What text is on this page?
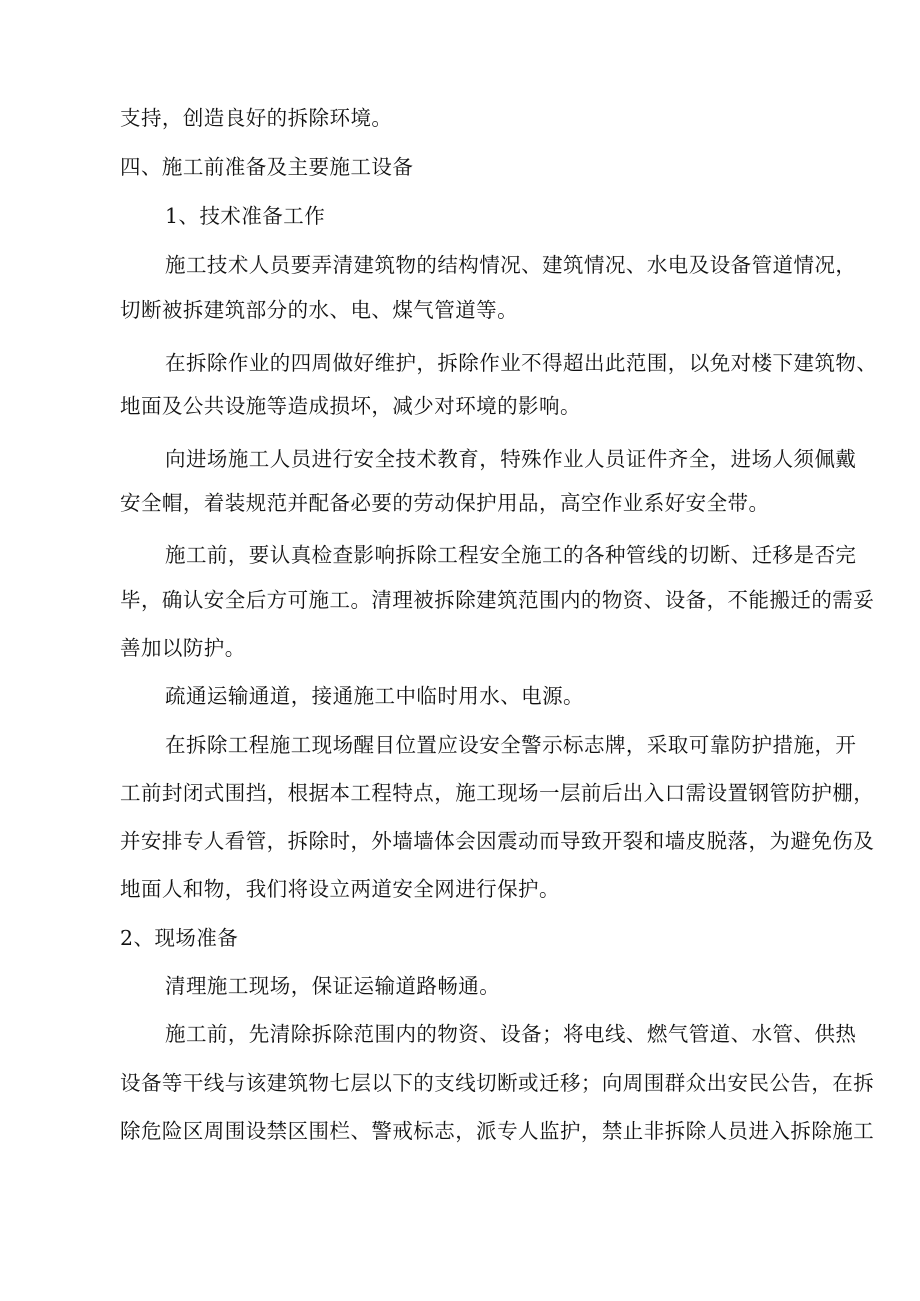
支持，创造良好的拆除环境。
四、施工前准备及主要施工设备
1、技术准备工作
施工技术人员要弄清建筑物的结构情况、建筑情况、水电及设备管道情况，
切断被拆建筑部分的水、电、煤气管道等。
在拆除作业的四周做好维护，拆除作业不得超出此范围，以免对楼下建筑物、
地面及公共设施等造成损坏，减少对环境的影响。
向进场施工人员进行安全技术教育，特殊作业人员证件齐全，进场人须佩戴
安全帽，着装规范并配备必要的劳动保护用品，高空作业系好安全带。
施工前，要认真检查影响拆除工程安全施工的各种管线的切断、迁移是否完
毕，确认安全后方可施工。清理被拆除建筑范围内的物资、设备，不能搬迁的需妥
善加以防护。
疏通运输通道，接通施工中临时用水、电源。
在拆除工程施工现场醒目位置应设安全警示标志牌，采取可靠防护措施，开
工前封闭式围挡，根据本工程特点，施工现场一层前后出入口需设置钢管防护棚，
并安排专人看管，拆除时，外墙墙体会因震动而导致开裂和墙皮脱落，为避免伤及
地面人和物，我们将设立两道安全网进行保护。
2、现场准备
清理施工现场，保证运输道路畅通。
施工前，先清除拆除范围内的物资、设备；将电线、燃气管道、水管、供热
设备等干线与该建筑物七层以下的支线切断或迁移；向周围群众出安民公告，在拆
除危险区周围设禁区围栏、警戒标志，派专人监护，禁止非拆除人员进入拆除施工
